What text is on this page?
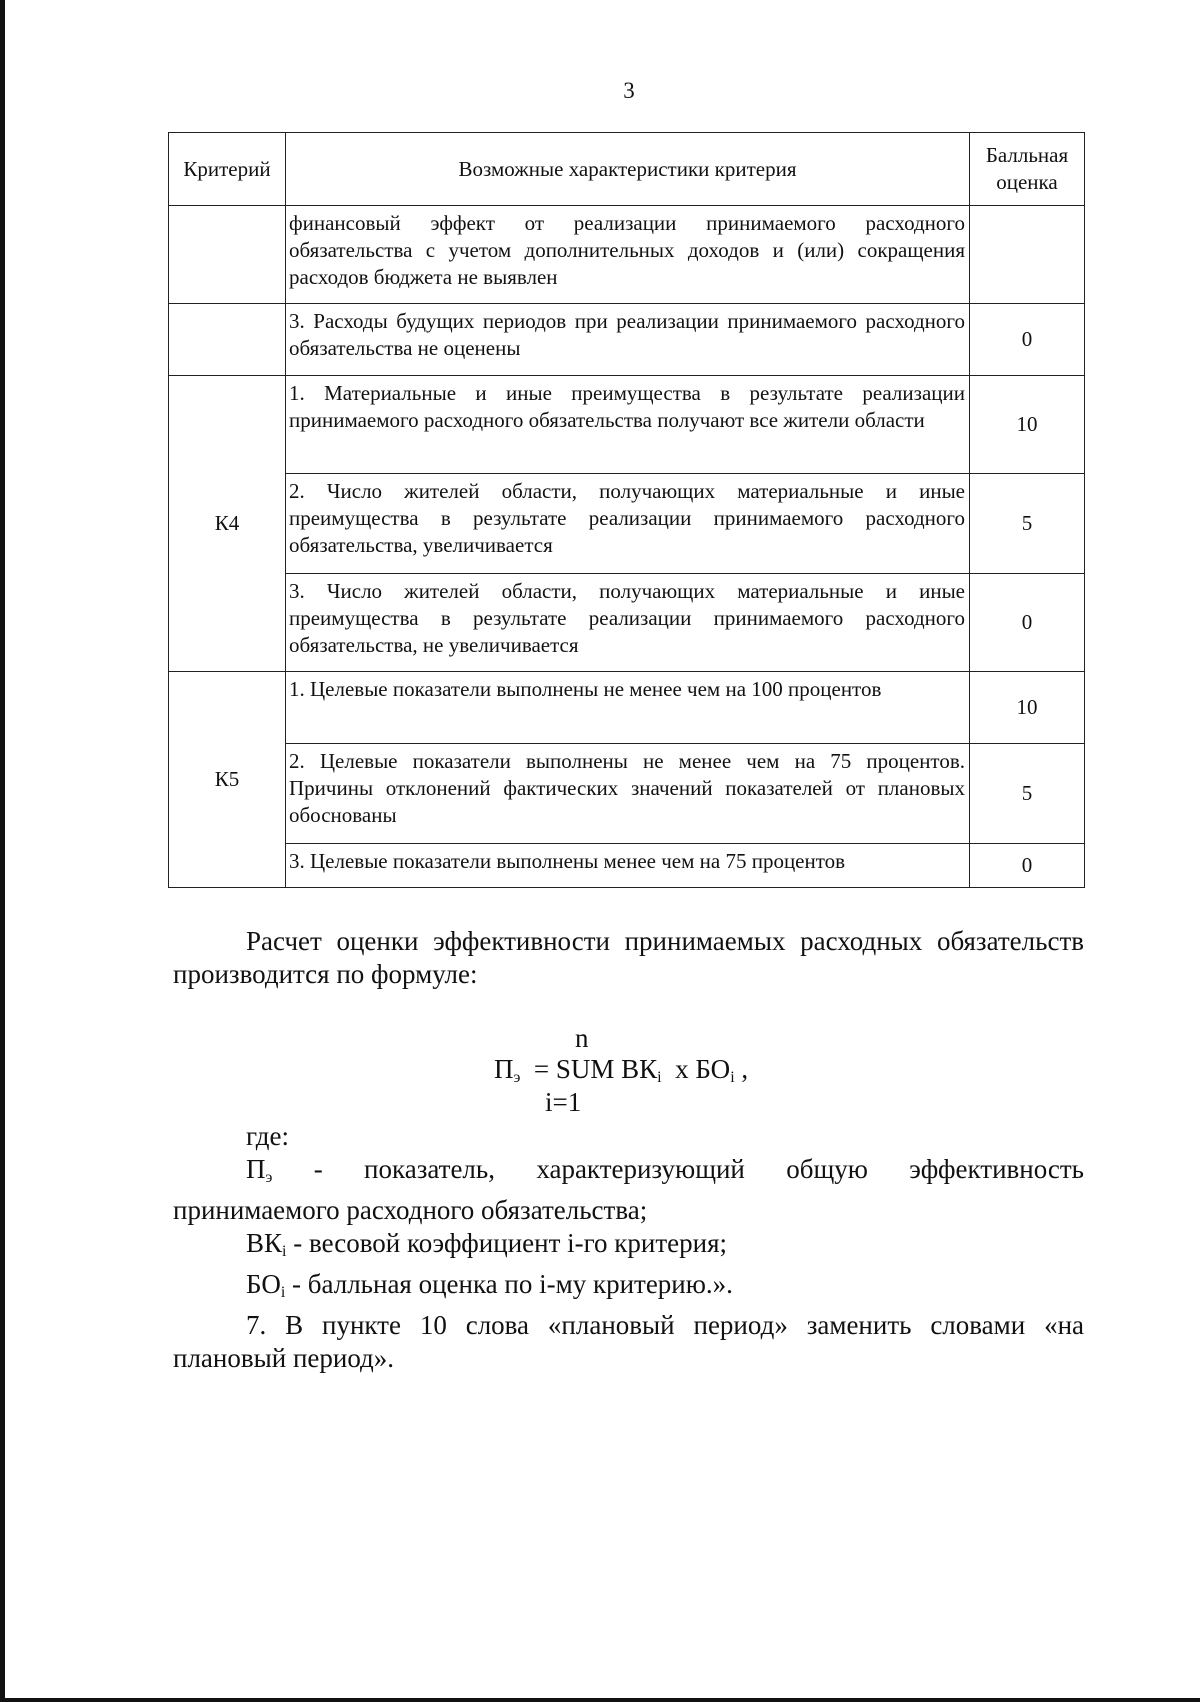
3
Критерий	Возможные характеристики критерия	Балльная оценка
	финансовый эффект от реализации принимаемого расходного обязательства с учетом дополнительных доходов и (или) сокращения расходов бюджета не выявлен	
	3. Расходы будущих периодов при реализации принимаемого расходного обязательства не оценены	0
К4	1. Материальные и иные преимущества в результате реализации принимаемого расходного обязательства получают все жители области	10
	2. Число жителей области, получающих материальные и иные преимущества в результате реализации принимаемого расходного обязательства, увеличивается	5
	3. Число жителей области, получающих материальные и иные преимущества в результате реализации принимаемого расходного обязательства, не увеличивается	0
К5	1. Целевые показатели выполнены не менее чем на 100 процентов	10
	2. Целевые показатели выполнены не менее чем на 75 процентов. Причины отклонений фактических значений показателей от плановых обоснованы	5
	3. Целевые показатели выполнены менее чем на 75 процентов	0

Расчет оценки эффективности принимаемых расходных обязательств производится по формуле:

n
$П_э$ = SUM $ВК_i$ х $БО_i$ ,
i=1

где:

$П_э$ - показатель, характеризующий общую эффективность принимаемого расходного обязательства;

$ВК_i$ - весовой коэффициент i-го критерия;

$БО_i$ - балльная оценка по i-му критерию.».

7. В пункте 10 слова «плановый период» заменить словами «на плановый период».
